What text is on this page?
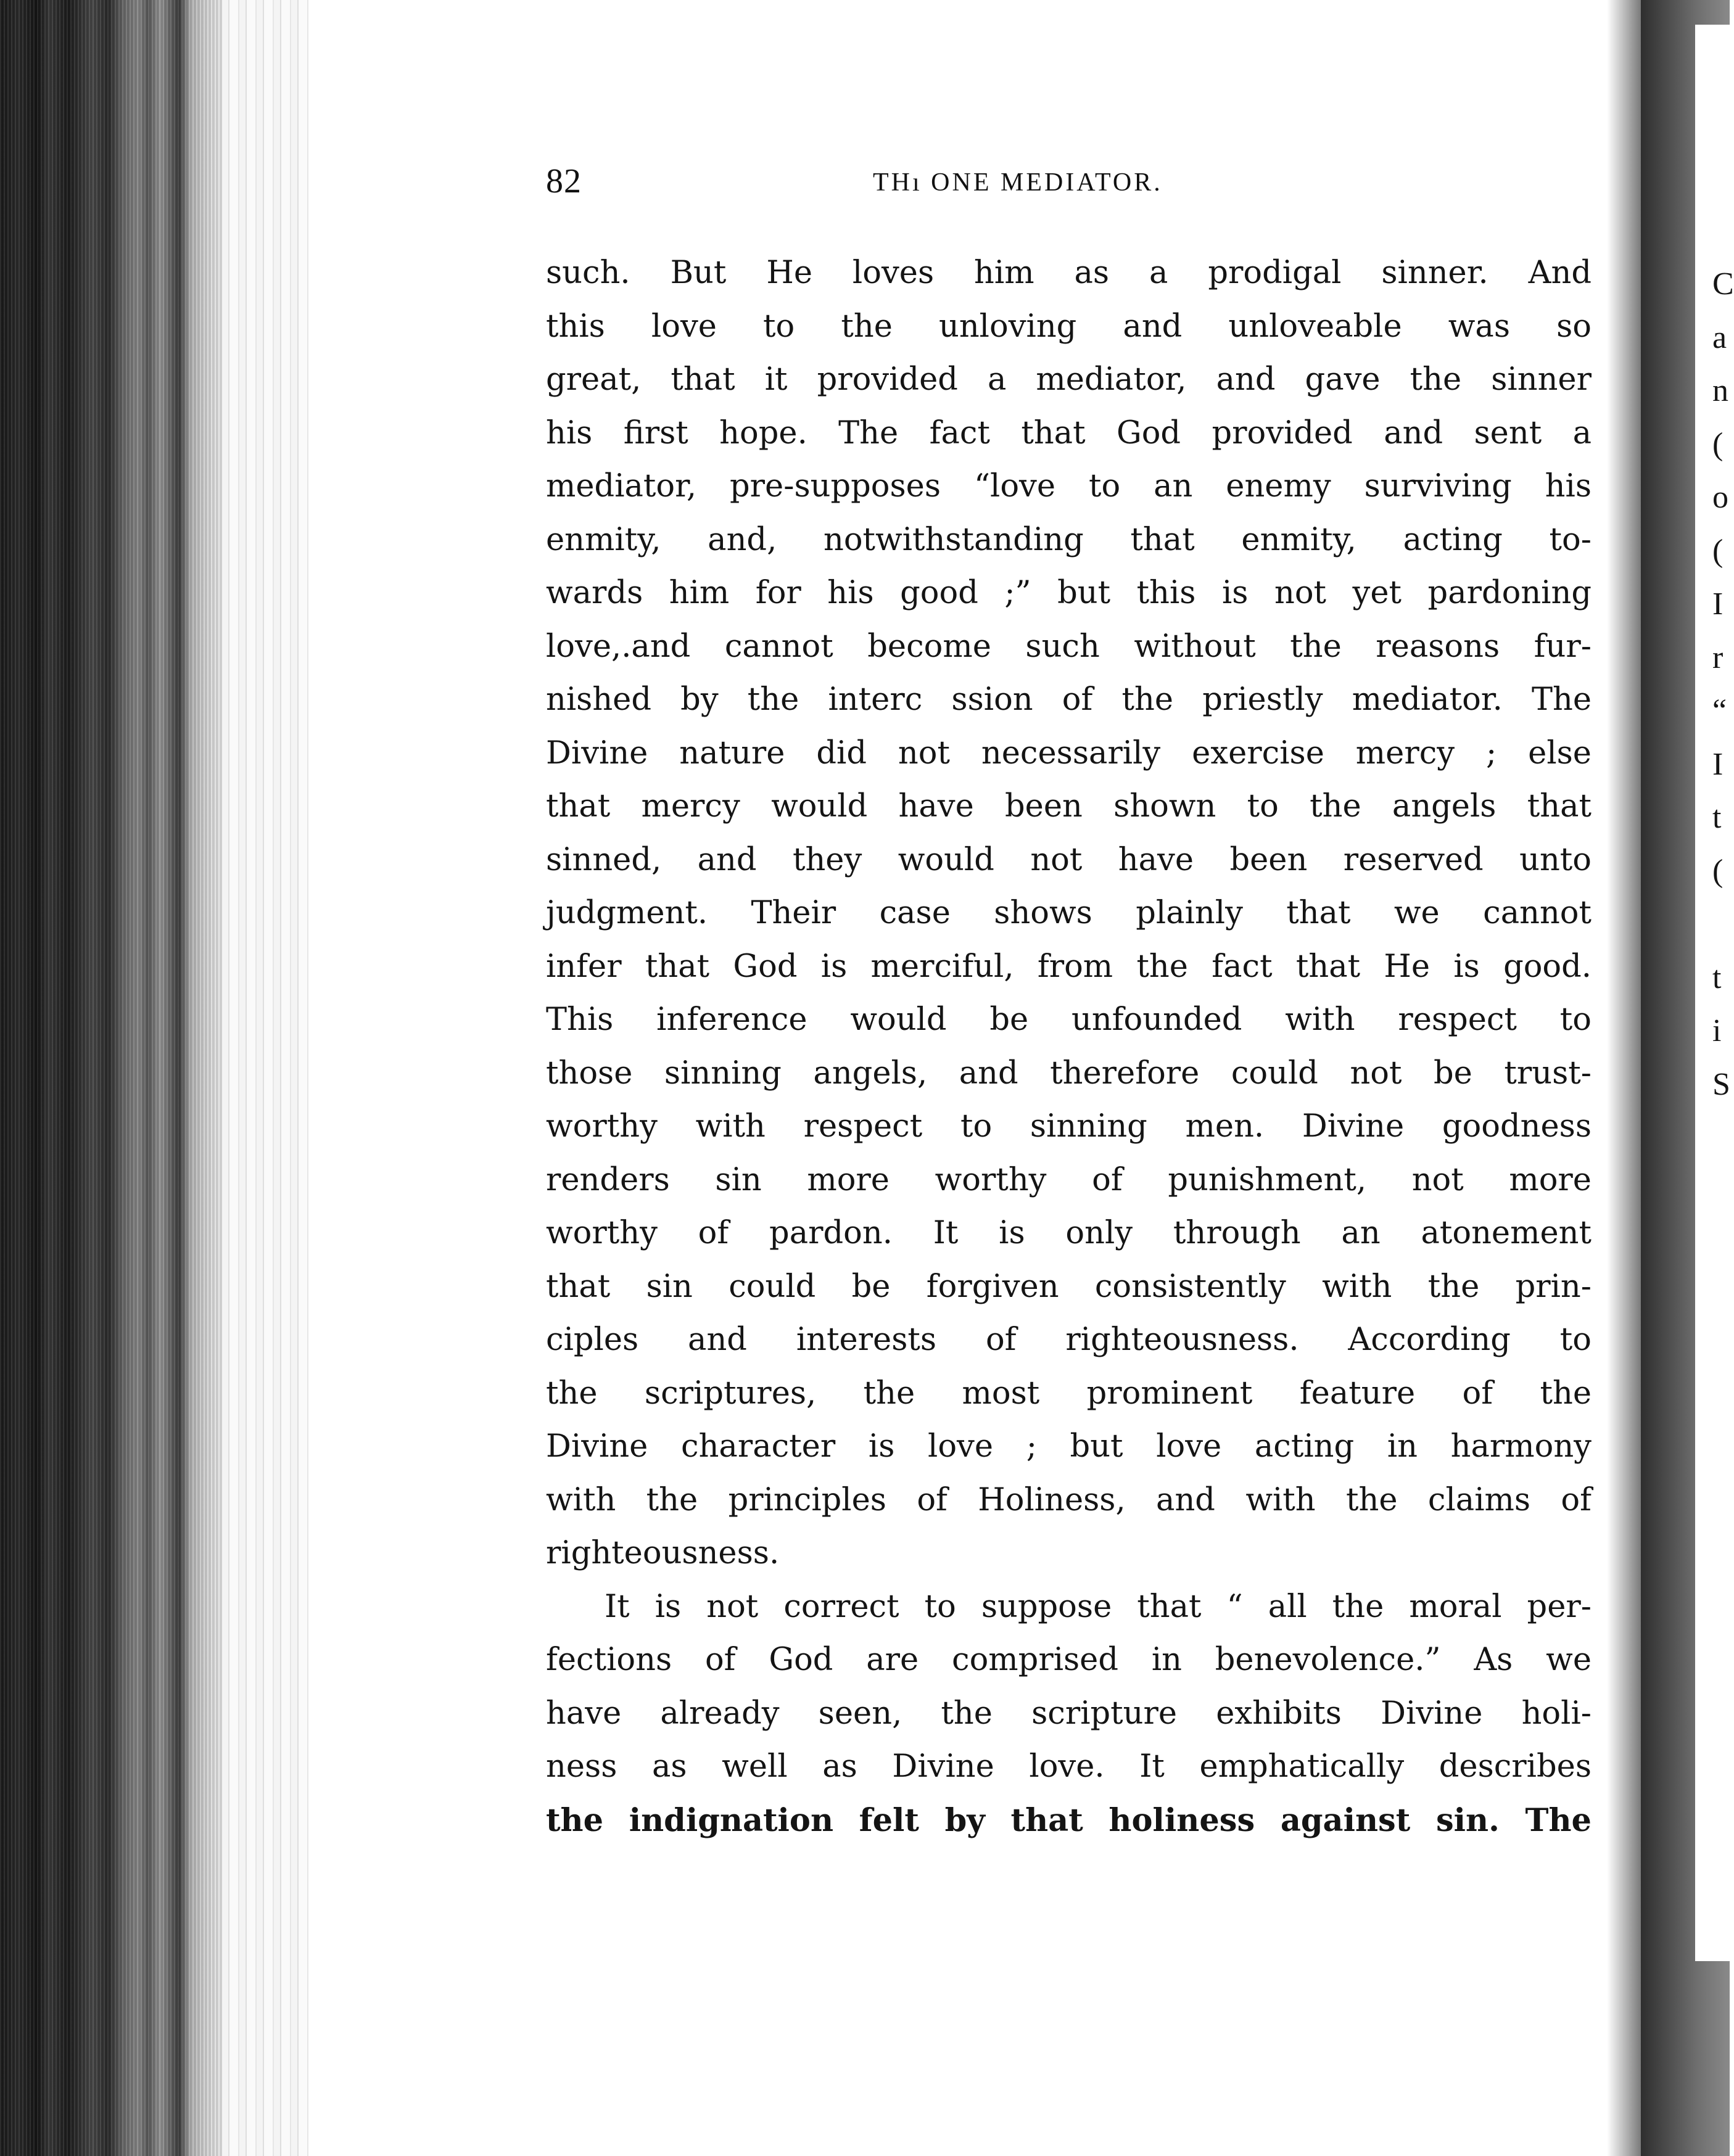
82	THı ONE MEDIATOR.
such. But He loves him as a prodigal sinner. And
this love to the unloving and unloveable was so
great, that it provided a mediator, and gave the sinner
his first hope. The fact that God provided and sent a
mediator, pre-supposes “love to an enemy surviving his
enmity, and, notwithstanding that enmity, acting to-
wards him for his good ;” but this is not yet pardoning
love,.and cannot become such without the reasons fur-
nished by the interc ssion of the priestly mediator. The
Divine nature did not necessarily exercise mercy ; else
that mercy would have been shown to the angels that
sinned, and they would not have been reserved unto
judgment. Their case shows plainly that we cannot
infer that God is merciful, from the fact that He is good.
This inference would be unfounded with respect to
those sinning angels, and therefore could not be trust-
worthy with respect to sinning men. Divine goodness
renders sin more worthy of punishment, not more
worthy of pardon. It is only through an atonement
that sin could be forgiven consistently with the prin-
ciples and interests of righteousness. According to
the scriptures, the most prominent feature of the
Divine character is love ; but love acting in harmony
with the principles of Holiness, and with the claims of
righteousness.
It is not correct to suppose that “ all the moral per-
fections of God are comprised in benevolence.” As we
have already seen, the scripture exhibits Divine holi-
ness as well as Divine love. It emphatically describes
the indignation felt by that holiness against sin. The
C
a
n
(
o
(
I
r
“
I
t
(

t
i
S
